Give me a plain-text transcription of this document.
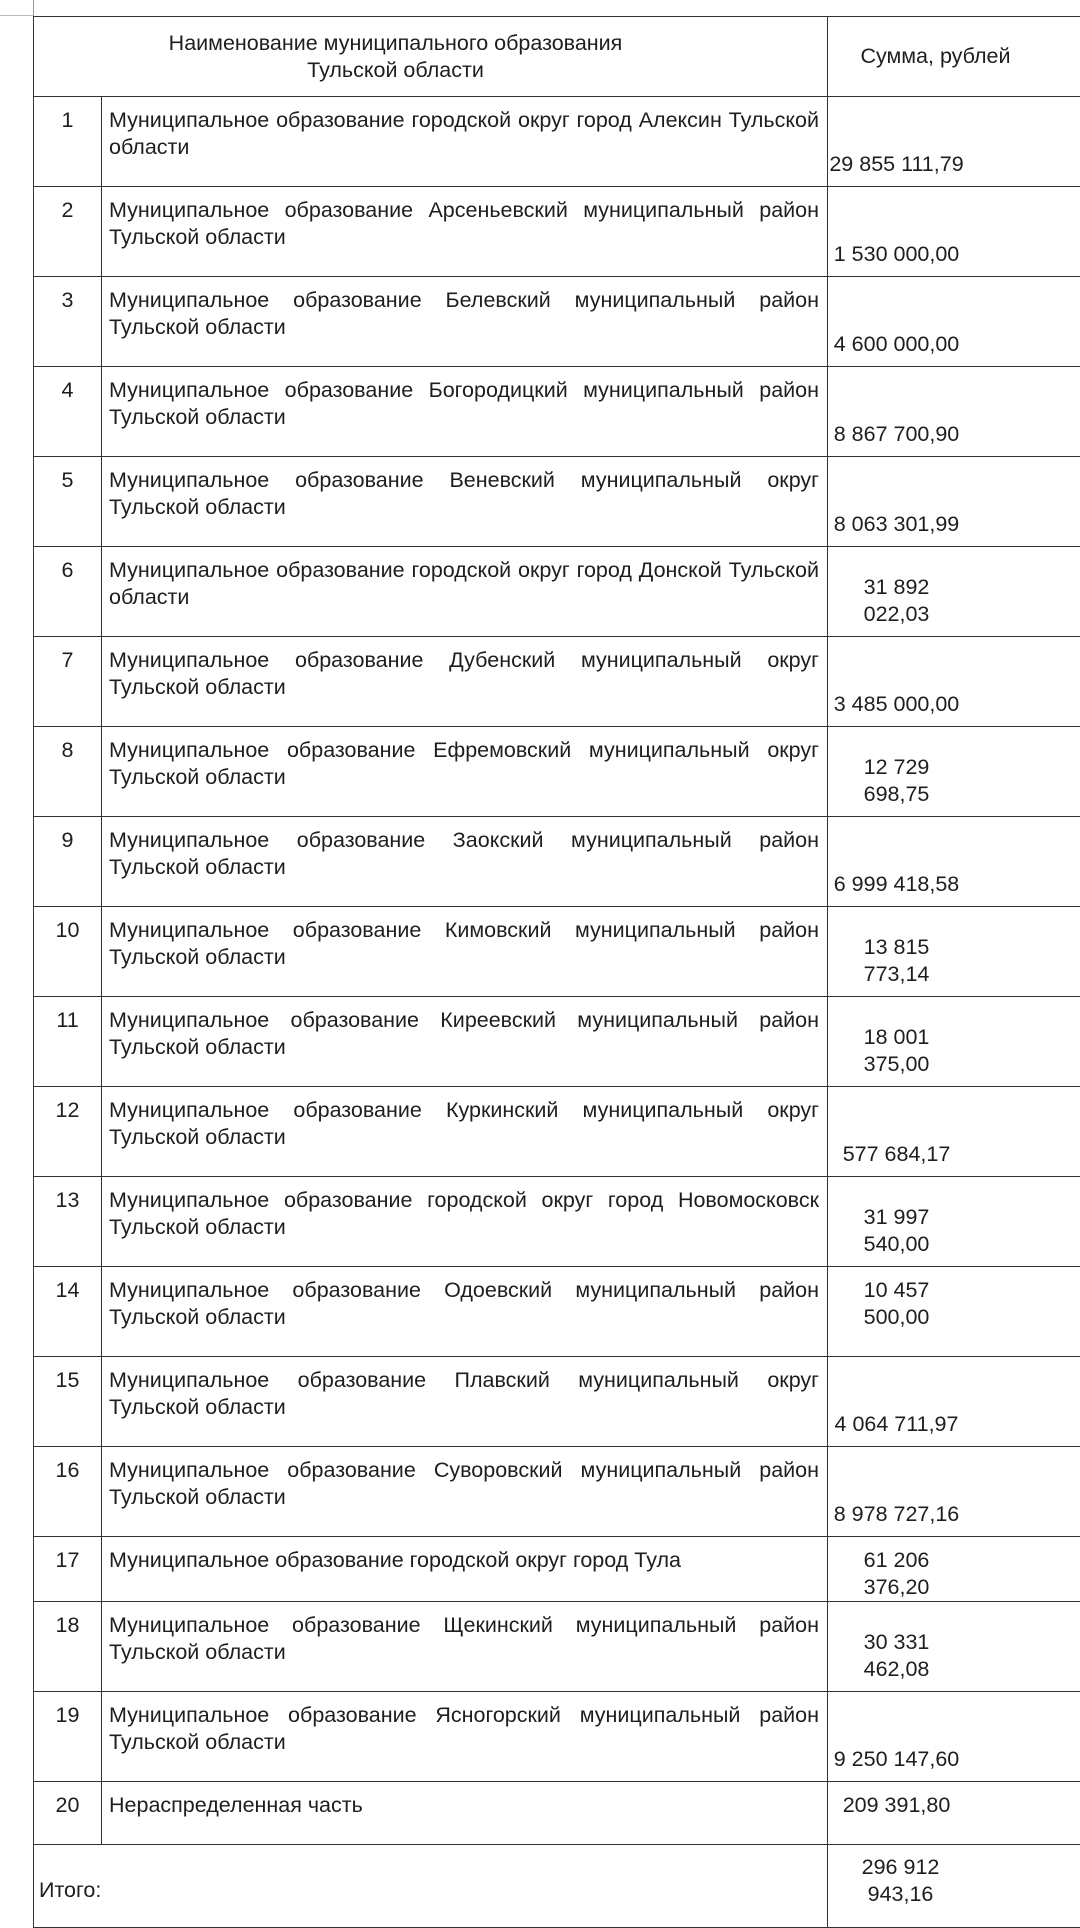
Наименование муниципального образования
Тульской области		Сумма, рублей
1	Муниципальное образование городской округ город Алексин Тульской области	29 855 111,79
2	Муниципальное образование Арсеньевский муниципальный район Тульской области	1 530 000,00
3	Муниципальное образование Белевский муниципальный район Тульской области	4 600 000,00
4	Муниципальное образование Богородицкий муниципальный район Тульской области	8 867 700,90
5	Муниципальное образование Веневский муниципальный округ Тульской области	8 063 301,99
6	Муниципальное образование городской округ город Донской Тульской области	31 892 022,03
7	Муниципальное образование Дубенский муниципальный округ Тульской области	3 485 000,00
8	Муниципальное образование Ефремовский муниципальный округ Тульской области	12 729 698,75
9	Муниципальное образование Заокский муниципальный район Тульской области	6 999 418,58
10	Муниципальное образование Кимовский муниципальный район Тульской области	13 815 773,14
11	Муниципальное образование Киреевский муниципальный район Тульской области	18 001 375,00
12	Муниципальное образование Куркинский муниципальный округ Тульской области	577 684,17
13	Муниципальное образование городской округ город Новомосковск Тульской области	31 997 540,00
14	Муниципальное образование Одоевский муниципальный район Тульской области	10 457 500,00
15	Муниципальное образование Плавский муниципальный округ Тульской области	4 064 711,97
16	Муниципальное образование Суворовский муниципальный район Тульской области	8 978 727,16
17	Муниципальное образование городской округ город Тула	61 206 376,20
18	Муниципальное образование Щекинский муниципальный район Тульской области	30 331 462,08
19	Муниципальное образование Ясногорский муниципальный район Тульской области	9 250 147,60
20	Нераспределенная часть	209 391,80
Итого:		296 912 943,16
